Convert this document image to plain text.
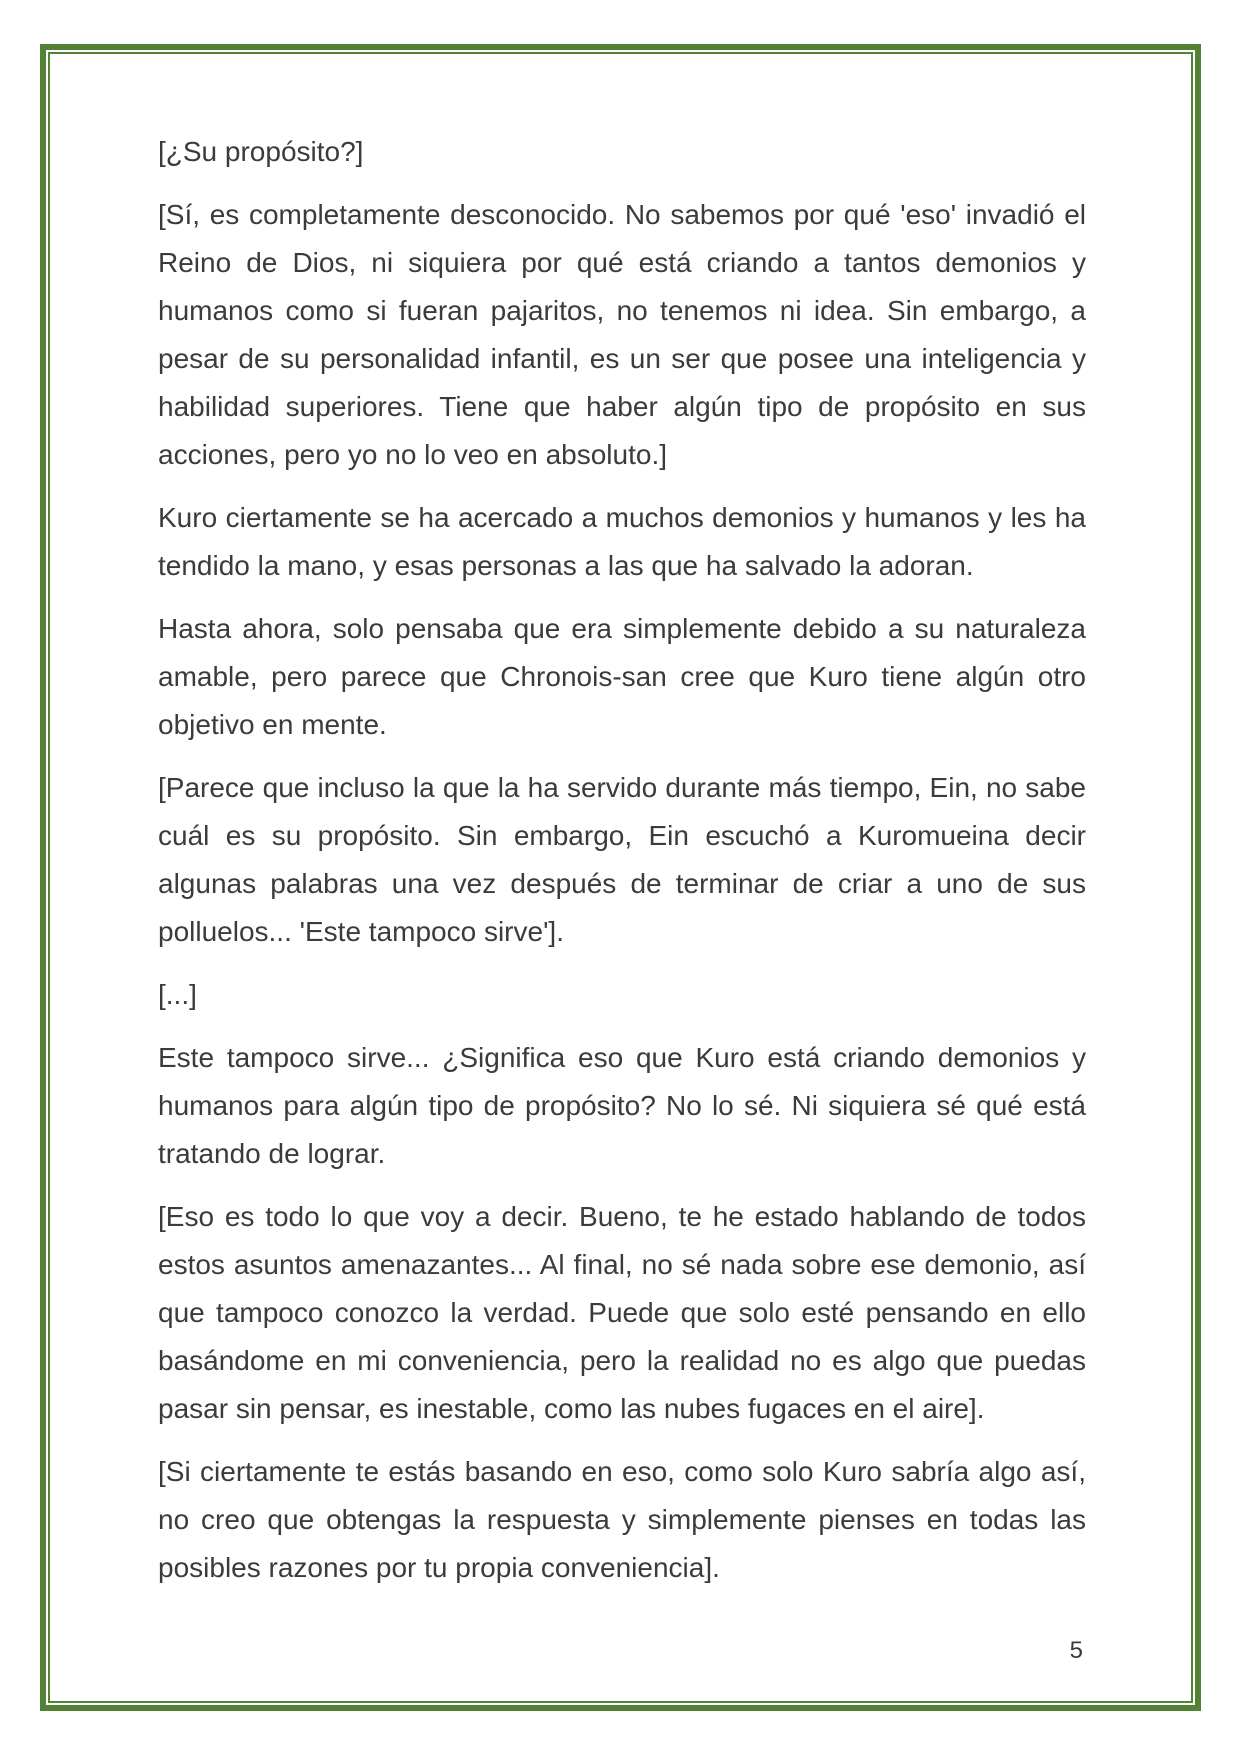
[¿Su propósito?]

[Sí, es completamente desconocido. No sabemos por qué 'eso' invadió el Reino de Dios, ni siquiera por qué está criando a tantos demonios y humanos como si fueran pajaritos, no tenemos ni idea. Sin embargo, a pesar de su personalidad infantil, es un ser que posee una inteligencia y habilidad superiores. Tiene que haber algún tipo de propósito en sus acciones, pero yo no lo veo en absoluto.]

Kuro ciertamente se ha acercado a muchos demonios y humanos y les ha tendido la mano, y esas personas a las que ha salvado la adoran.

Hasta ahora, solo pensaba que era simplemente debido a su naturaleza amable, pero parece que Chronois-san cree que Kuro tiene algún otro objetivo en mente.

[Parece que incluso la que la ha servido durante más tiempo, Ein, no sabe cuál es su propósito. Sin embargo, Ein escuchó a Kuromueina decir algunas palabras una vez después de terminar de criar a uno de sus polluelos... 'Este tampoco sirve'].

[...]

Este tampoco sirve... ¿Significa eso que Kuro está criando demonios y humanos para algún tipo de propósito? No lo sé. Ni siquiera sé qué está tratando de lograr.

[Eso es todo lo que voy a decir. Bueno, te he estado hablando de todos estos asuntos amenazantes... Al final, no sé nada sobre ese demonio, así que tampoco conozco la verdad. Puede que solo esté pensando en ello basándome en mi conveniencia, pero la realidad no es algo que puedas pasar sin pensar, es inestable, como las nubes fugaces en el aire].

[Si ciertamente te estás basando en eso, como solo Kuro sabría algo así, no creo que obtengas la respuesta y simplemente pienses en todas las posibles razones por tu propia conveniencia].

5
